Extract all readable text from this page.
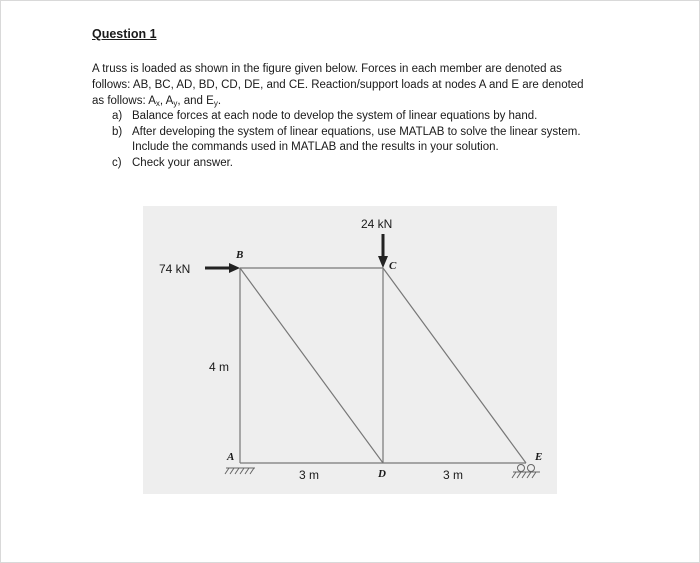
Question 1
A truss is loaded as shown in the figure given below. Forces in each member are denoted as
follows: AB, BC, AD, BD, CD, DE, and CE. Reaction/support loads at nodes A and E are denoted
as follows: $A_x$, $A_y$, and $E_y$.
a) Balance forces at each node to develop the system of linear equations by hand.
b) After developing the system of linear equations, use MATLAB to solve the linear system.
Include the commands used in MATLAB and the results in your solution.
c) Check your answer.
24 kN
74 kN
4 m
3 m	3 m
B
C
A
D
E
